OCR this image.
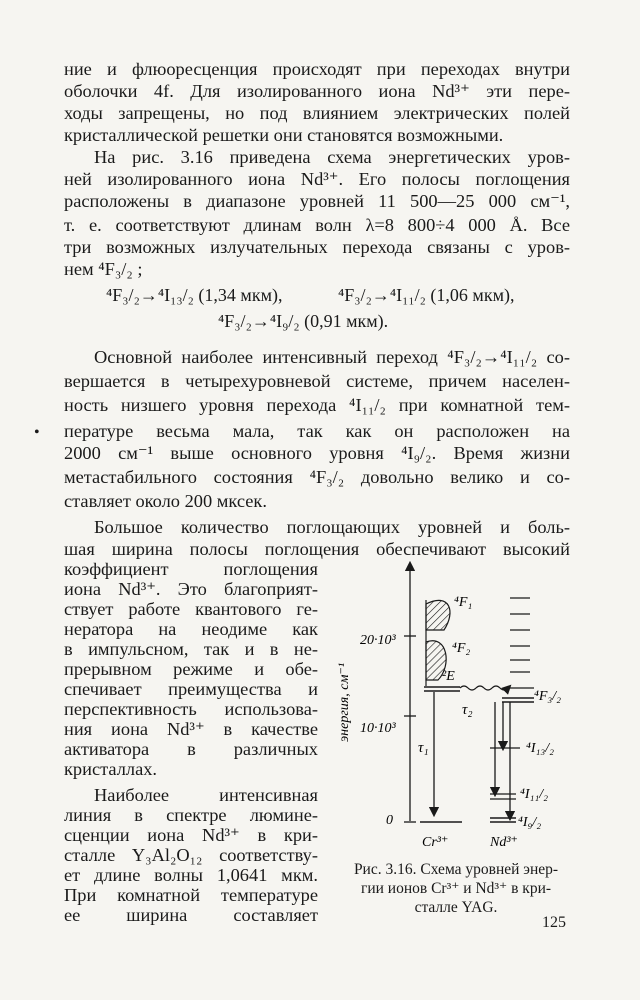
ние и флюоресценция происходят при переходах внутри
оболочки 4f. Для изолированного иона Nd³⁺ эти пере-
ходы запрещены, но под влиянием электрических полей
кристаллической решетки они становятся возможными.
На рис. 3.16 приведена схема энергетических уров-
ней изолированного иона Nd³⁺. Его полосы поглощения
расположены в диапазоне уровней 11 500—25 000 см⁻¹,
т. е. соответствуют длинам волн λ=8 800÷4 000 Å. Все
три возможных излучательных перехода связаны с уров-
нем ⁴F₃/₂ ;
⁴F₃/₂→⁴I₁₃/₂ (1,34 мкм),	⁴F₃/₂→⁴I₁₁/₂ (1,06 мкм),
⁴F₃/₂→⁴I₉/₂ (0,91 мкм).
Основной наиболее интенсивный переход ⁴F₃/₂→⁴I₁₁/₂ со-
вершается в четырехуровневой системе, причем населен-
ность низшего уровня перехода ⁴I₁₁/₂ при комнатной тем-
пературе весьма мала, так как он расположен на
2000 см⁻¹ выше основного уровня ⁴I₉/₂. Время жизни
метастабильного состояния ⁴F₃/₂ довольно велико и со-
ставляет около 200 мксек.
•
Большое количество поглощающих уровней и боль-
шая ширина полосы поглощения обеспечивают высокий
коэффициент поглощения
иона Nd³⁺. Это благоприят-
ствует работе квантового ге-
нератора на неодиме как
в импульсном, так и в не-
прерывном режиме и обе-
спечивает преимущества и
перспективность использова-
ния иона Nd³⁺ в качестве
активатора в различных
кристаллах.
Наиболее интенсивная
линия в спектре люмине-
сценции иона Nd³⁺ в кри-
сталле Y₃Al₂O₁₂ соответству-
ет длине волны 1,0641 мкм.
При комнатной температуре
ее ширина составляет
20·10³
10·10³
0
энергия, см⁻¹
⁴F₁
⁴F₂
²E
τ₁
Cr³⁺
τ₂
⁴F₃/₂
⁴I₁₃/₂
⁴I₁₁/₂
⁴I₉/₂
Nd³⁺
Рис. 3.16. Схема уровней энер-
гии ионов Cr³⁺ и Nd³⁺ в кри-
сталле YAG.
125
